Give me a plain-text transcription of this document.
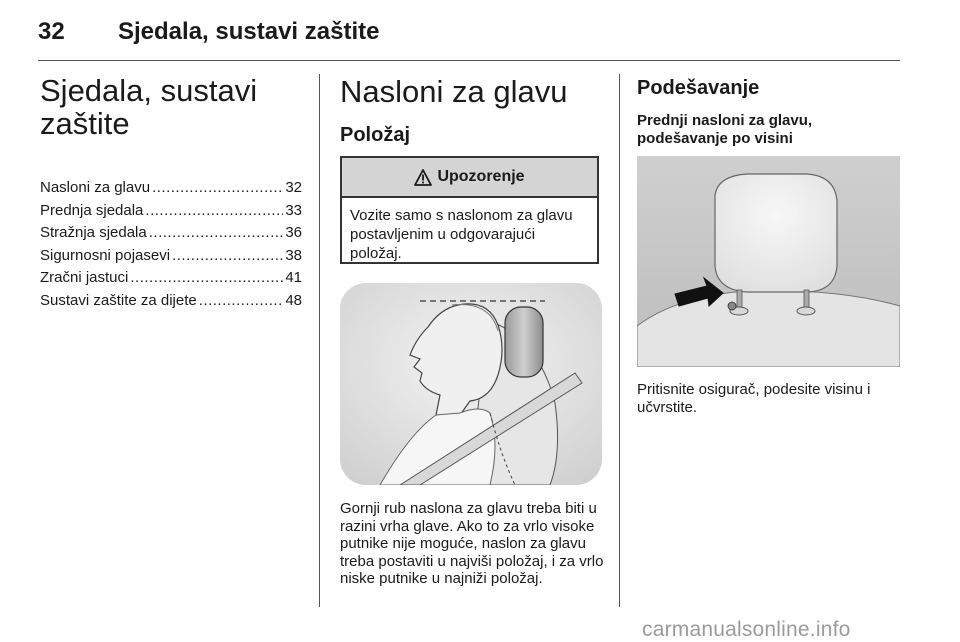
32 Sjedala, sustavi zaštite
Sjedala, sustavi
zaštite
Nasloni za glavu .....	32
Prednja sjedala .....	33
Stražnja sjedala .....	36
Sigurnosni pojasevi .....	38
Zračni jastuci .....	41
Sustavi zaštite za dijete .....	48
Nasloni za glavu
Položaj
Upozorenje
Vozite samo s naslonom za glavu postavljenim u odgovarajući položaj.

Gornji rub naslona za glavu treba biti u razini vrha glave. Ako to za vrlo visoke putnike nije moguće, naslon za glavu treba postaviti u najviši položaj, i za vrlo niske putnike u najniži položaj.

Podešavanje
Prednji nasloni za glavu,
podešavanje po visini

Pritisnite osigurač, podesite visinu i učvrstite.

carmanualsonline.info
